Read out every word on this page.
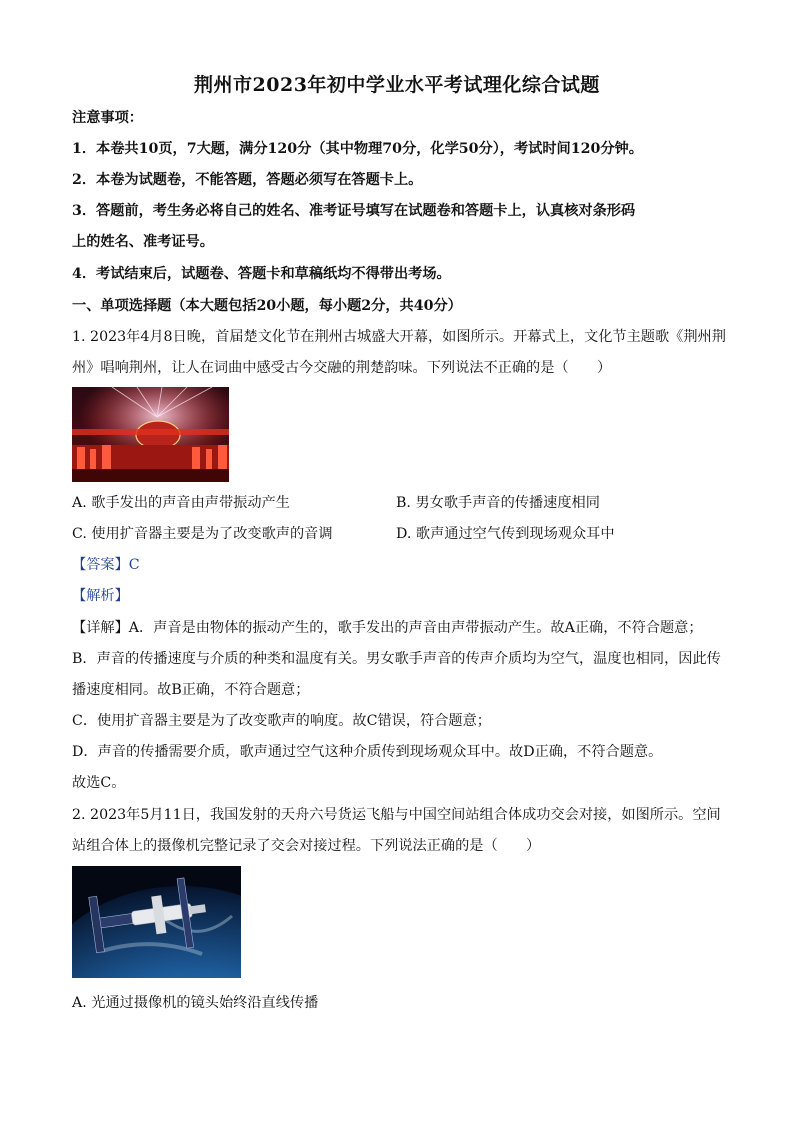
荆州市2023年初中学业水平考试理化综合试题
注意事项：
1．本卷共10页，7大题，满分120分（其中物理70分，化学50分），考试时间120分钟。
2．本卷为试题卷，不能答题，答题必须写在答题卡上。
3．答题前，考生务必将自己的姓名、准考证号填写在试题卷和答题卡上，认真核对条形码
上的姓名、准考证号。
4．考试结束后，试题卷、答题卡和草稿纸均不得带出考场。
一、单项选择题（本大题包括20小题，每小题2分，共40分）
1. 2023年4月8日晚，首届楚文化节在荆州古城盛大开幕，如图所示。开幕式上，文化节主题歌《荆州荆
州》唱响荆州，让人在词曲中感受古今交融的荆楚韵味。下列说法不正确的是（　　）
A. 歌手发出的声音由声带振动产生	B. 男女歌手声音的传播速度相同
C. 使用扩音器主要是为了改变歌声的音调	D. 歌声通过空气传到现场观众耳中
【答案】C
【解析】
【详解】A．声音是由物体的振动产生的，歌手发出的声音由声带振动产生。故A正确，不符合题意；
B．声音的传播速度与介质的种类和温度有关。男女歌手声音的传声介质均为空气，温度也相同，因此传
播速度相同。故B正确，不符合题意；
C．使用扩音器主要是为了改变歌声的响度。故C错误，符合题意；
D．声音的传播需要介质，歌声通过空气这种介质传到现场观众耳中。故D正确，不符合题意。
故选C。
2. 2023年5月11日，我国发射的天舟六号货运飞船与中国空间站组合体成功交会对接，如图所示。空间
站组合体上的摄像机完整记录了交会对接过程。下列说法正确的是（　　）
A. 光通过摄像机的镜头始终沿直线传播
